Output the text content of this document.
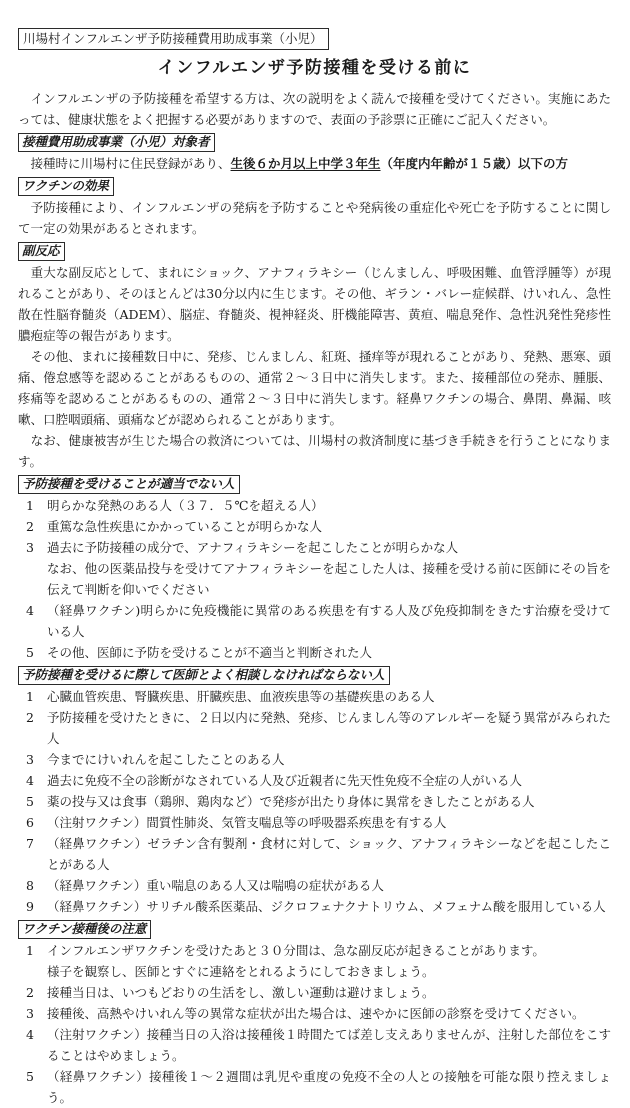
川場村インフルエンザ予防接種費用助成事業（小児）
インフルエンザ予防接種を受ける前に

　インフルエンザの予防接種を希望する方は、次の説明をよく読んで接種を受けてください。実施にあたっては、健康状態をよく把握する必要がありますので、表面の予診票に正確にご記入ください。

接種費用助成事業（小児）対象者

　接種時に川場村に住民登録があり、生後６か月以上中学３年生（年度内年齢が１５歳）以下の方

ワクチンの効果

　予防接種により、インフルエンザの発病を予防することや発病後の重症化や死亡を予防することに関して一定の効果があるとされます。

副反応

　重大な副反応として、まれにショック、アナフィラキシー（じんましん、呼吸困難、血管浮腫等）が現れることがあり、そのほとんどは30分以内に生じます。その他、ギラン・バレー症候群、けいれん、急性散在性脳脊髄炎（ADEM）、脳症、脊髄炎、視神経炎、肝機能障害、黄疸、喘息発作、急性汎発性発疹性膿疱症等の報告があります。

　その他、まれに接種数日中に、発疹、じんましん、紅斑、掻痒等が現れることがあり、発熱、悪寒、頭痛、倦怠感等を認めることがあるものの、通常２～３日中に消失します。また、接種部位の発赤、腫脹、疼痛等を認めることがあるものの、通常２～３日中に消失します。経鼻ワクチンの場合、鼻閉、鼻漏、咳嗽、口腔咽頭痛、頭痛などが認められることがあります。

　なお、健康被害が生じた場合の救済については、川場村の救済制度に基づき手続きを行うことになります。

予防接種を受けることが適当でない人
1	明らかな発熱のある人（３７．５℃を超える人）
2	重篤な急性疾患にかかっていることが明らかな人
3	過去に予防接種の成分で、アナフィラキシーを起こしたことが明らかな人
なお、他の医薬品投与を受けてアナフィラキシーを起こした人は、接種を受ける前に医師にその旨を伝えて判断を仰いでください
4	（経鼻ワクチン)明らかに免疫機能に異常のある疾患を有する人及び免疫抑制をきたす治療を受けている人
5	その他、医師に予防を受けることが不適当と判断された人
予防接種を受けるに際して医師とよく相談しなければならない人
1	心臓血管疾患、腎臓疾患、肝臓疾患、血液疾患等の基礎疾患のある人
2	予防接種を受けたときに、２日以内に発熱、発疹、じんましん等のアレルギーを疑う異常がみられた人
3	今までにけいれんを起こしたことのある人
4	過去に免疫不全の診断がなされている人及び近親者に先天性免疫不全症の人がいる人
5	薬の投与又は食事（鶏卵、鶏肉など）で発疹が出たり身体に異常をきしたことがある人
6	（注射ワクチン）間質性肺炎、気管支喘息等の呼吸器系疾患を有する人
7	（経鼻ワクチン）ゼラチン含有製剤・食材に対して、ショック、アナフィラキシーなどを起こしたことがある人
8	（経鼻ワクチン）重い喘息のある人又は喘鳴の症状がある人
9	（経鼻ワクチン）サリチル酸系医薬品、ジクロフェナクナトリウム、メフェナム酸を服用している人
ワクチン接種後の注意
1	インフルエンザワクチンを受けたあと３０分間は、急な副反応が起きることがあります。
様子を観察し、医師とすぐに連絡をとれるようにしておきましょう。
2	接種当日は、いつもどおりの生活をし、激しい運動は避けましょう。
3	接種後、高熱やけいれん等の異常な症状が出た場合は、速やかに医師の診察を受けてください。
4	（注射ワクチン）接種当日の入浴は接種後１時間たてば差し支えありませんが、注射した部位をこすることはやめましょう。
5	（経鼻ワクチン）接種後１～２週間は乳児や重度の免疫不全の人との接触を可能な限り控えましょう。
